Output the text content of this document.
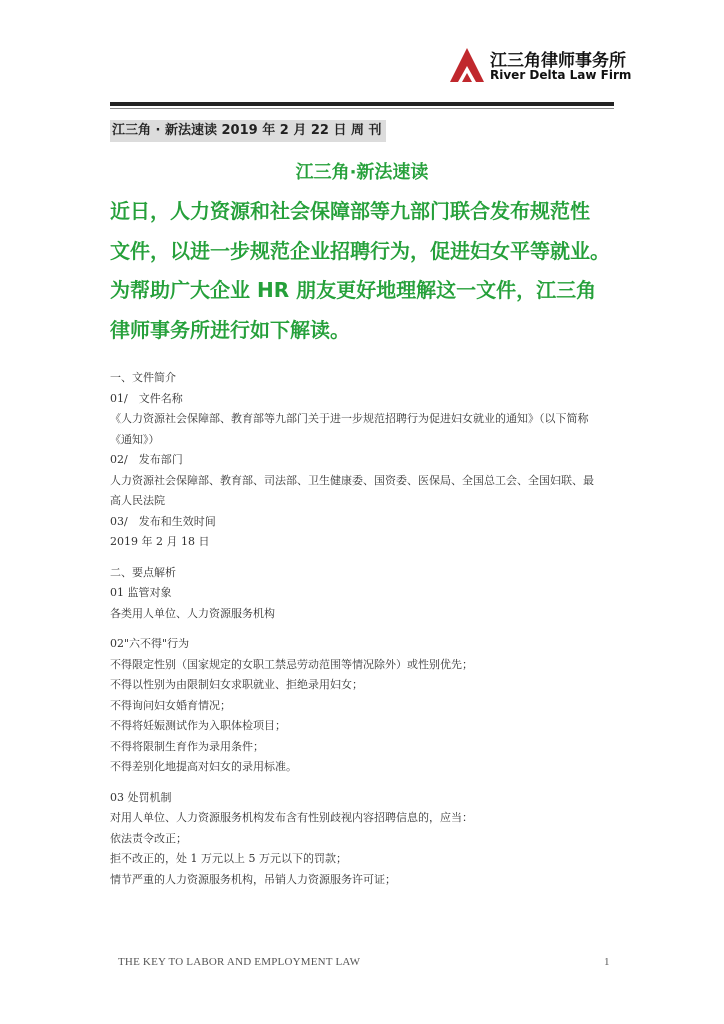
江三角律师事务所
River Delta Law Firm
江三角 · 新法速读 2019 年 2 月 22 日 周 刊
江三角·新法速读
近日，人力资源和社会保障部等九部门联合发布规范性
文件，以进一步规范企业招聘行为，促进妇女平等就业。
为帮助广大企业 HR 朋友更好地理解这一文件，江三角
律师事务所进行如下解读。
一、文件简介
01/　文件名称
《人力资源社会保障部、教育部等九部门关于进一步规范招聘行为促进妇女就业的通知》（以下简称
《通知》）
02/　发布部门
人力资源社会保障部、教育部、司法部、卫生健康委、国资委、医保局、全国总工会、全国妇联、最
高人民法院
03/　发布和生效时间
2019 年 2 月 18 日
二、要点解析
01 监管对象
各类用人单位、人力资源服务机构
02"六不得"行为
不得限定性别（国家规定的女职工禁忌劳动范围等情况除外）或性别优先；
不得以性别为由限制妇女求职就业、拒绝录用妇女；
不得询问妇女婚育情况；
不得将妊娠测试作为入职体检项目；
不得将限制生育作为录用条件；
不得差别化地提高对妇女的录用标准。
03 处罚机制
对用人单位、人力资源服务机构发布含有性别歧视内容招聘信息的，应当：
依法责令改正；
拒不改正的，处 1 万元以上 5 万元以下的罚款；
情节严重的人力资源服务机构，吊销人力资源服务许可证；
THE KEY TO LABOR AND EMPLOYMENT LAW	1
